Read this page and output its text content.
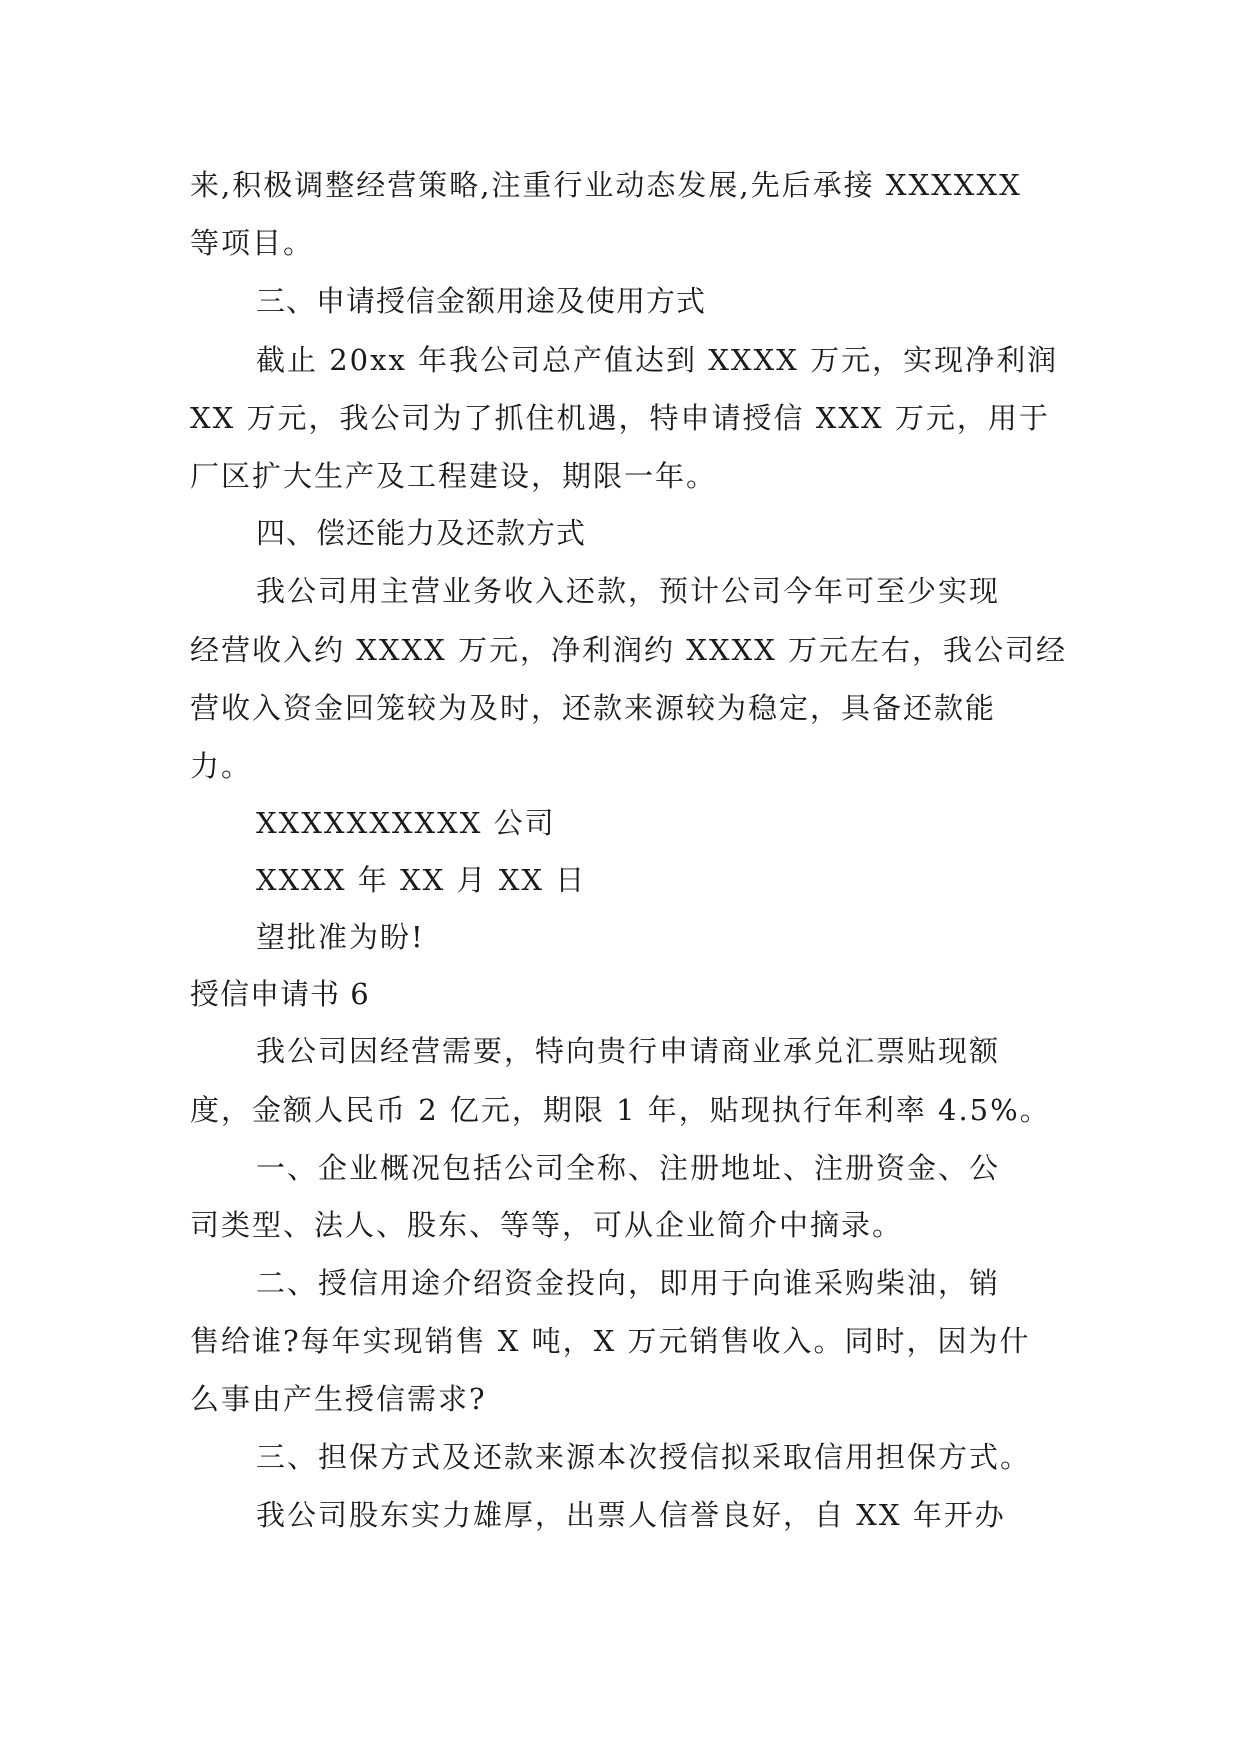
来,积极调整经营策略,注重行业动态发展,先后承接 XXXXXX
等项目。
三、申请授信金额用途及使用方式
截止 20xx 年我公司总产值达到 XXXX 万元，实现净利润
XX 万元，我公司为了抓住机遇，特申请授信 XXX 万元，用于
厂区扩大生产及工程建设，期限一年。
四、偿还能力及还款方式
我公司用主营业务收入还款，预计公司今年可至少实现
经营收入约 XXXX 万元，净利润约 XXXX 万元左右，我公司经
营收入资金回笼较为及时，还款来源较为稳定，具备还款能
力。
XXXXXXXXXX 公司
XXXX 年 XX 月 XX 日
望批准为盼!
授信申请书 6
我公司因经营需要，特向贵行申请商业承兑汇票贴现额
度，金额人民币 2 亿元，期限 1 年，贴现执行年利率 4.5%。
一、企业概况包括公司全称、注册地址、注册资金、公
司类型、法人、股东、等等，可从企业简介中摘录。
二、授信用途介绍资金投向，即用于向谁采购柴油，销
售给谁?每年实现销售 X 吨，X 万元销售收入。同时，因为什
么事由产生授信需求?
三、担保方式及还款来源本次授信拟采取信用担保方式。
我公司股东实力雄厚，出票人信誉良好，自 XX 年开办
